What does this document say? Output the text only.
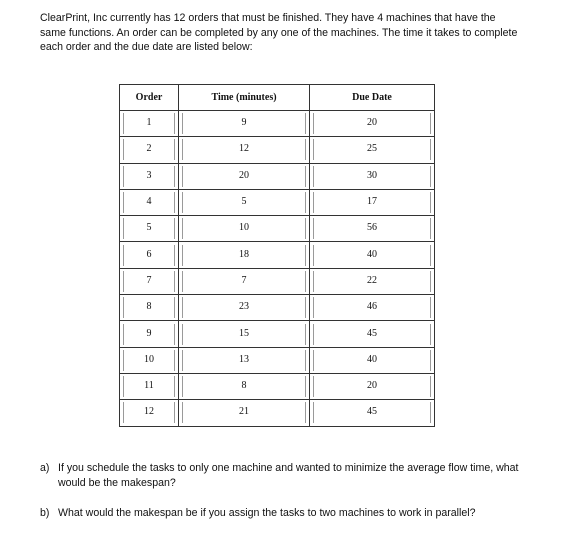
ClearPrint, Inc currently has 12 orders that must be finished. They have 4 machines that have the same functions. An order can be completed by any one of the machines. The time it takes to complete each order and the due date are listed below:

Order	Time (minutes)	Due Date

1	9	20

2	12	25

3	20	30

4	5	17

5	10	56

6	18	40

7	7	22

8	23	46

9	15	45

10	13	40

11	8	20

12	21	45
a) If you schedule the tasks to only one machine and wanted to minimize the average flow time, what would be the makespan?
b) What would the makespan be if you assign the tasks to two machines to work in parallel?
